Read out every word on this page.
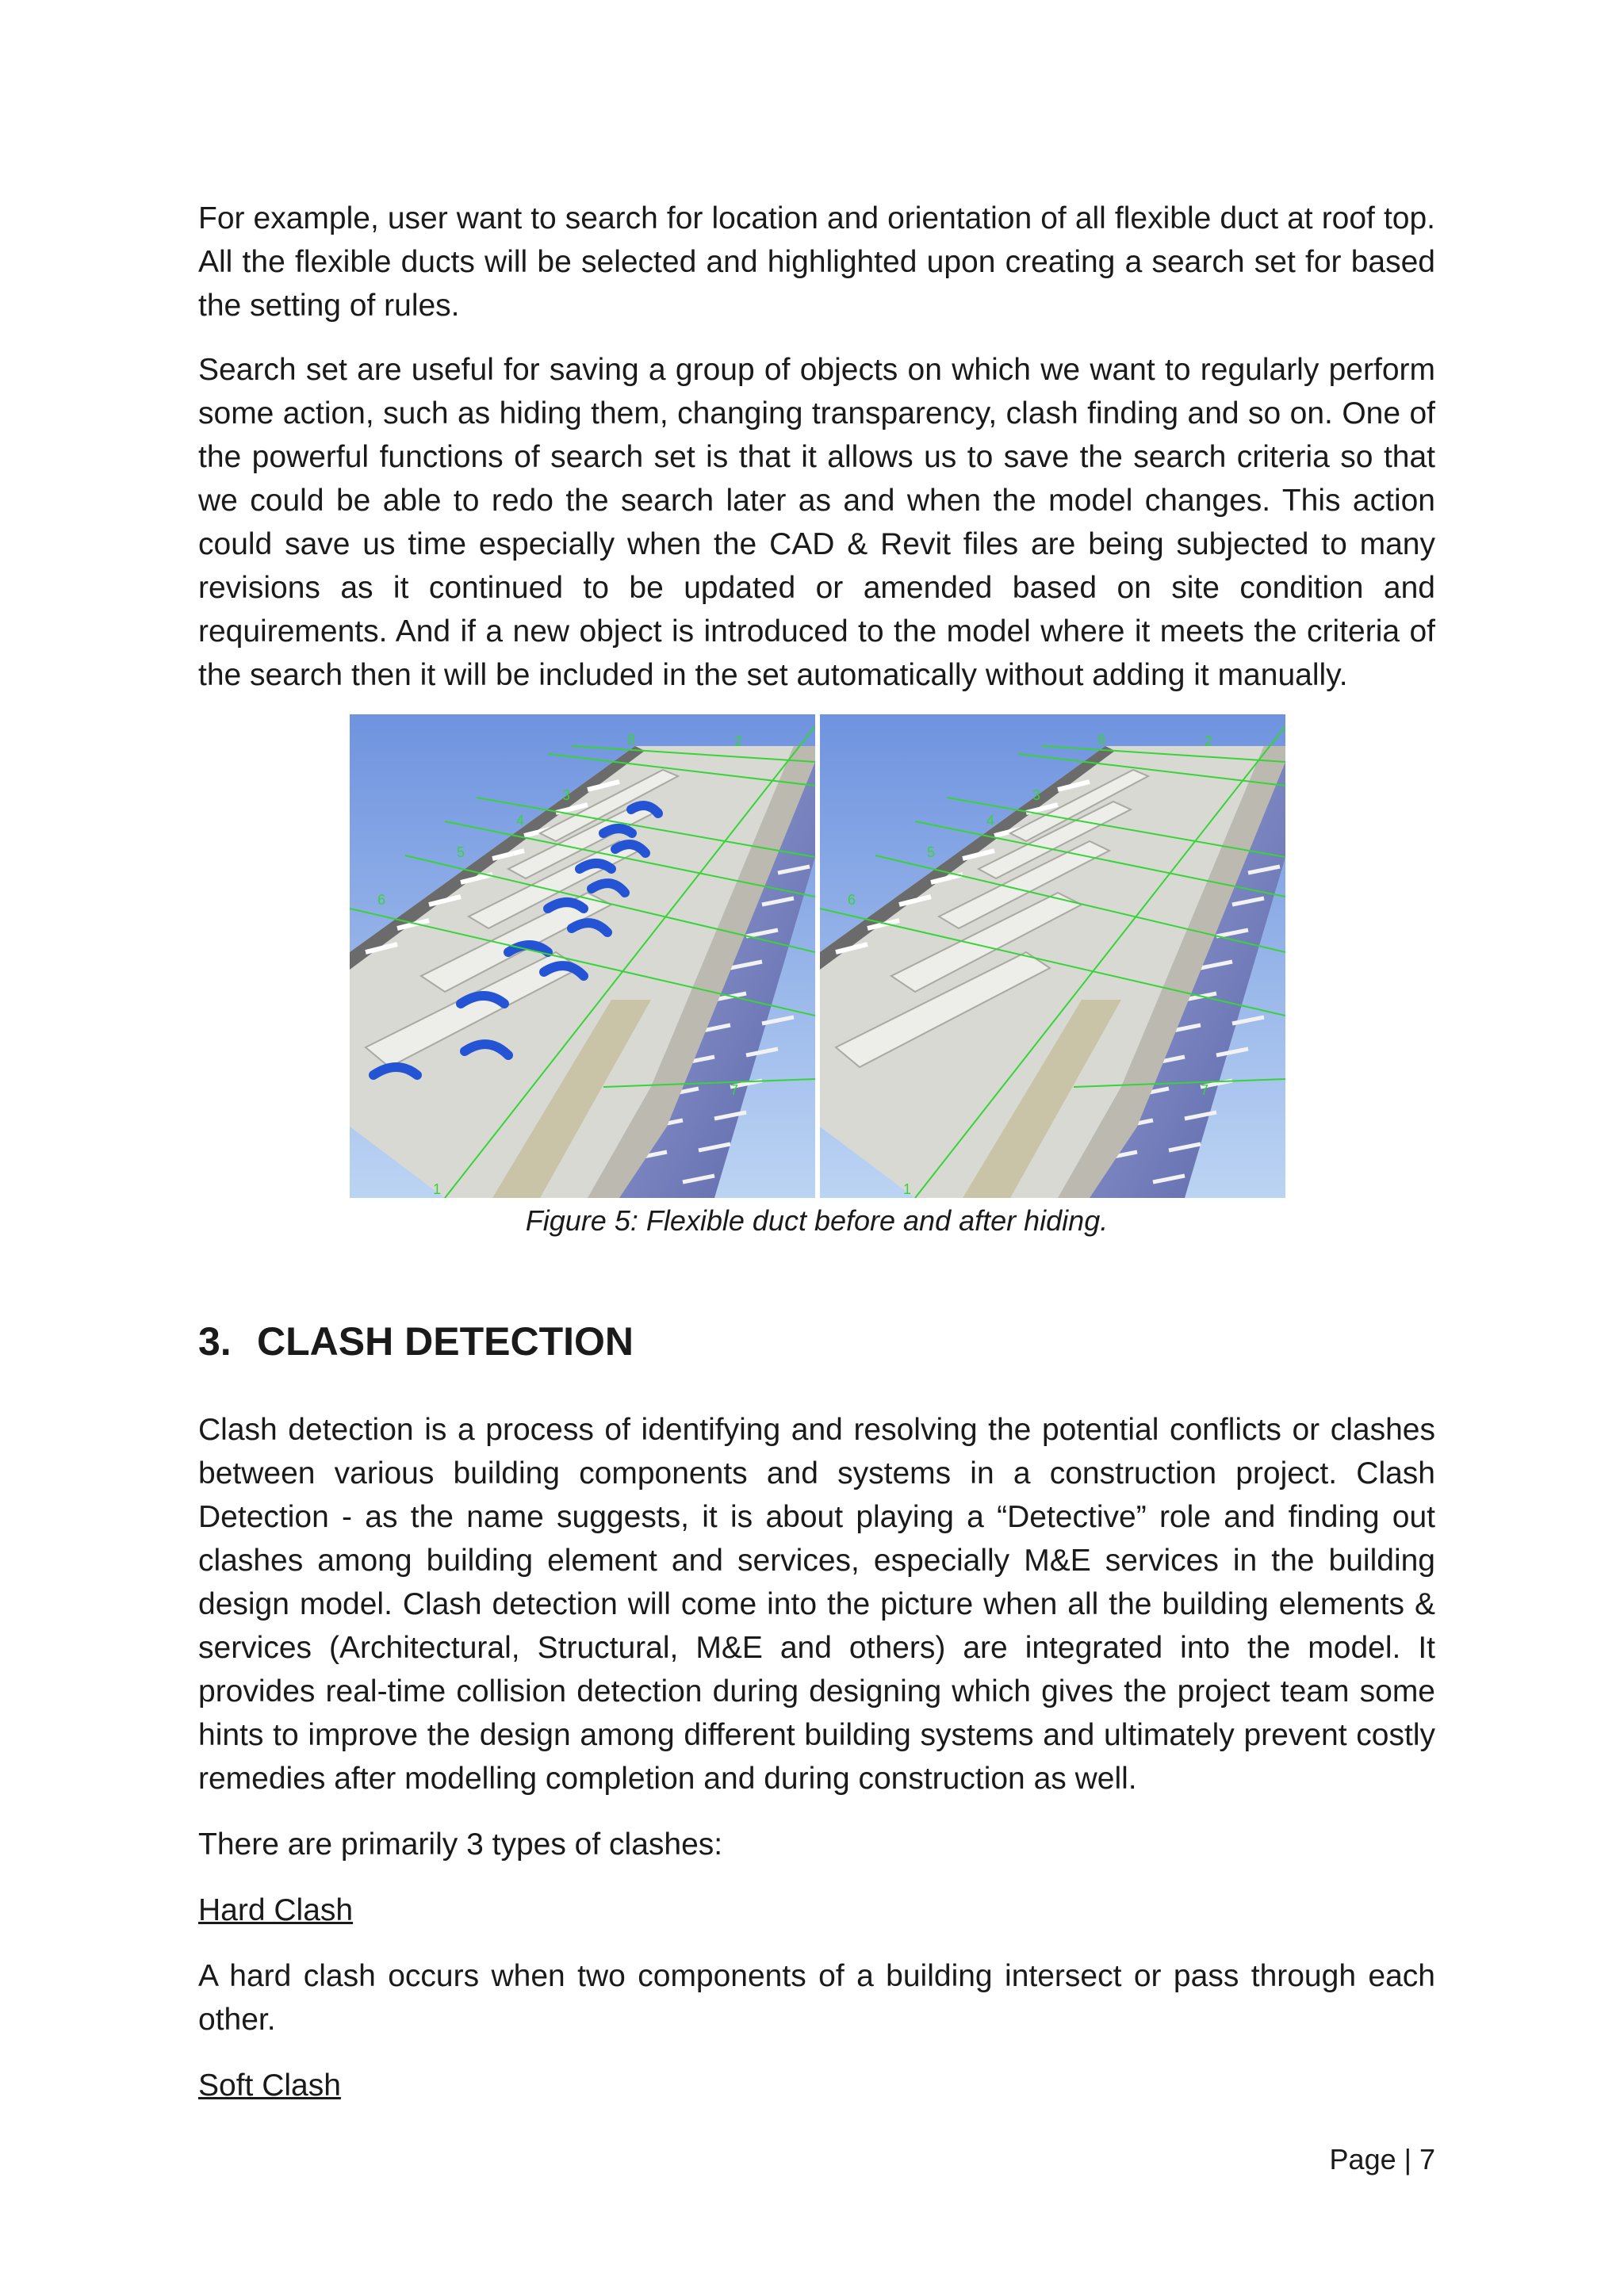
For example, user want to search for location and orientation of all flexible duct at roof top. All the flexible ducts will be selected and highlighted upon creating a search set for based the setting of rules.

Search set are useful for saving a group of objects on which we want to regularly perform some action, such as hiding them, changing transparency, clash finding and so on. One of the powerful functions of search set is that it allows us to save the search criteria so that we could be able to redo the search later as and when the model changes. This action could save us time especially when the CAD & Revit files are being subjected to many revisions as it continued to be updated or amended based on site condition and requirements. And if a new object is introduced to the model where it meets the criteria of the search then it will be included in the set automatically without adding it manually.

6
5
4
3
8	2
7
1
6
5
4
3
8	2
7
1
Figure 5: Flexible duct before and after hiding.
3. CLASH DETECTION

Clash detection is a process of identifying and resolving the potential conflicts or clashes between various building components and systems in a construction project. Clash Detection - as the name suggests, it is about playing a “Detective” role and finding out clashes among building element and services, especially M&E services in the building design model. Clash detection will come into the picture when all the building elements & services (Architectural, Structural, M&E and others) are integrated into the model. It provides real-time collision detection during designing which gives the project team some hints to improve the design among different building systems and ultimately prevent costly remedies after modelling completion and during construction as well.

There are primarily 3 types of clashes:

Hard Clash

A hard clash occurs when two components of a building intersect or pass through each other.

Soft Clash

Page | 7
